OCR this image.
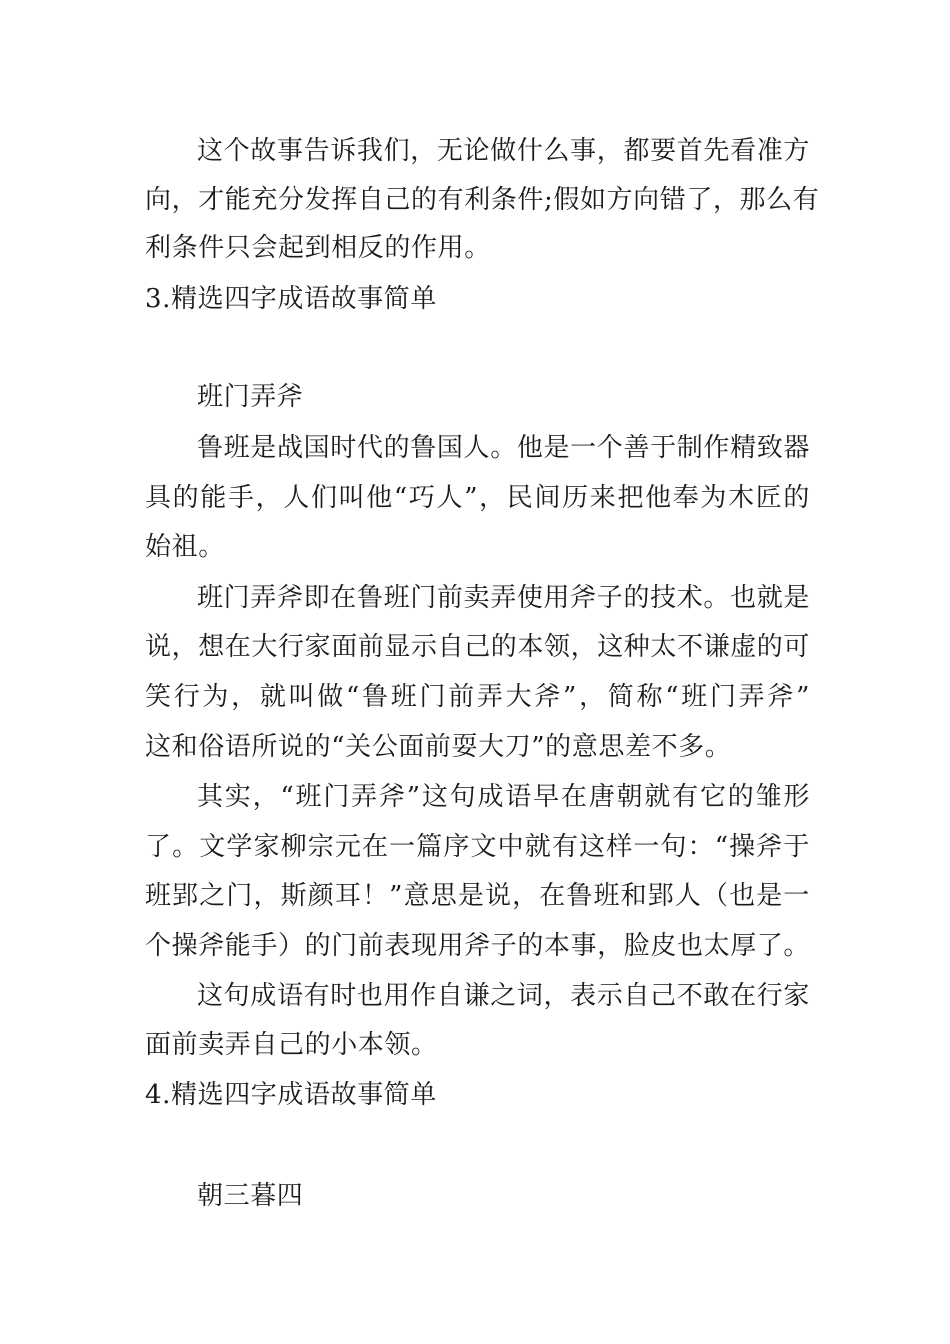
这个故事告诉我们，无论做什么事，都要首先看准方
向，才能充分发挥自己的有利条件;假如方向错了，那么有
利条件只会起到相反的作用。
3.精选四字成语故事简单
班门弄斧
鲁班是战国时代的鲁国人。他是一个善于制作精致器
具的能手，人们叫他“巧人”，民间历来把他奉为木匠的
始祖。
班门弄斧即在鲁班门前卖弄使用斧子的技术。也就是
说，想在大行家面前显示自己的本领，这种太不谦虚的可
笑行为，就叫做“鲁班门前弄大斧”，简称“班门弄斧”
这和俗语所说的“关公面前耍大刀”的意思差不多。
其实，“班门弄斧”这句成语早在唐朝就有它的雏形
了。文学家柳宗元在一篇序文中就有这样一句：“操斧于
班郢之门，斯颜耳！”意思是说，在鲁班和郢人（也是一
个操斧能手）的门前表现用斧子的本事，脸皮也太厚了。
这句成语有时也用作自谦之词，表示自己不敢在行家
面前卖弄自己的小本领。
4.精选四字成语故事简单
朝三暮四
